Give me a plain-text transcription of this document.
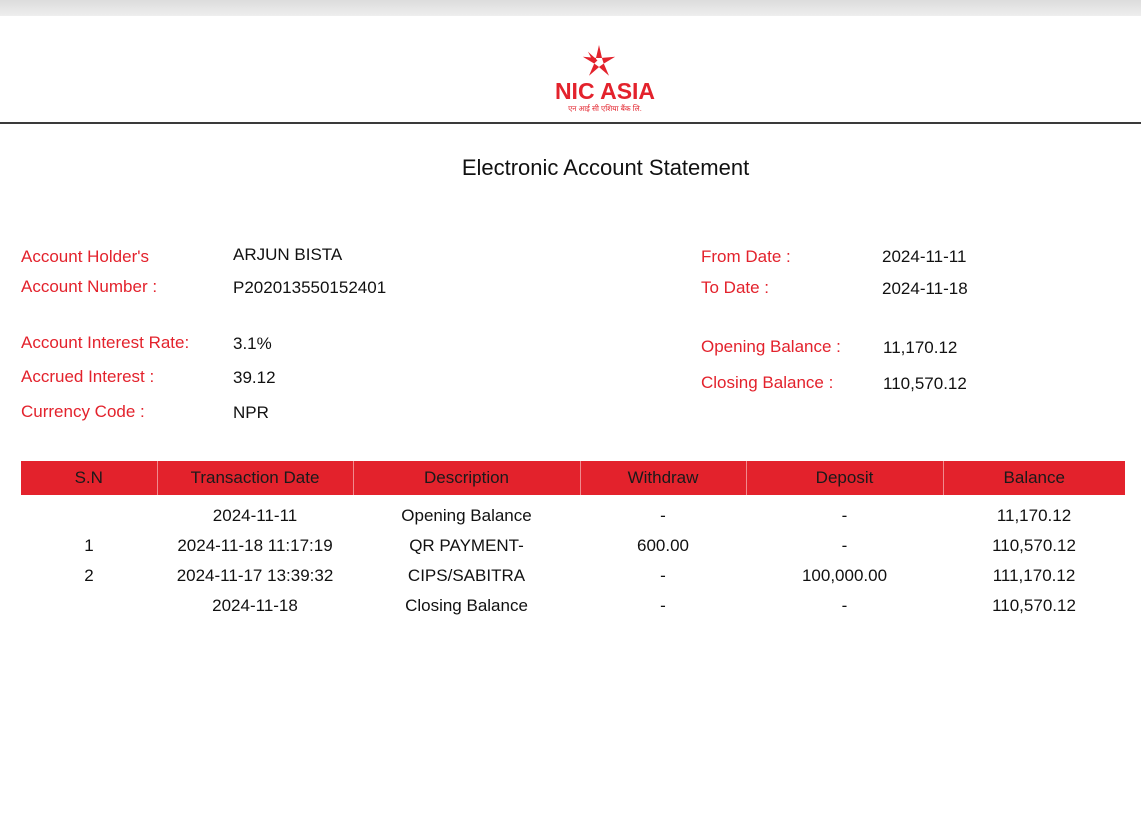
NIC ASIA
एन आई सी एशिया बैंक लि.
Electronic Account Statement
Account Holder's	ARJUN BISTA
Account Number :	P202013550152401
Account Interest Rate:	3.1%
Accrued Interest :	39.12
Currency Code :	NPR
From Date :	2024-11-11
To Date :	2024-11-18
Opening Balance : 11,170.12
Closing Balance :	110,570.12
S.N	Transaction Date	Description	Withdraw	Deposit	Balance
	2024-11-11	Opening Balance	-	-	11,170.12
1	2024-11-18 11:17:19	QR PAYMENT-	600.00	-	110,570.12
2	2024-11-17 13:39:32	CIPS/SABITRA	-	100,000.00	111,170.12
	2024-11-18	Closing Balance	-	-	110,570.12
